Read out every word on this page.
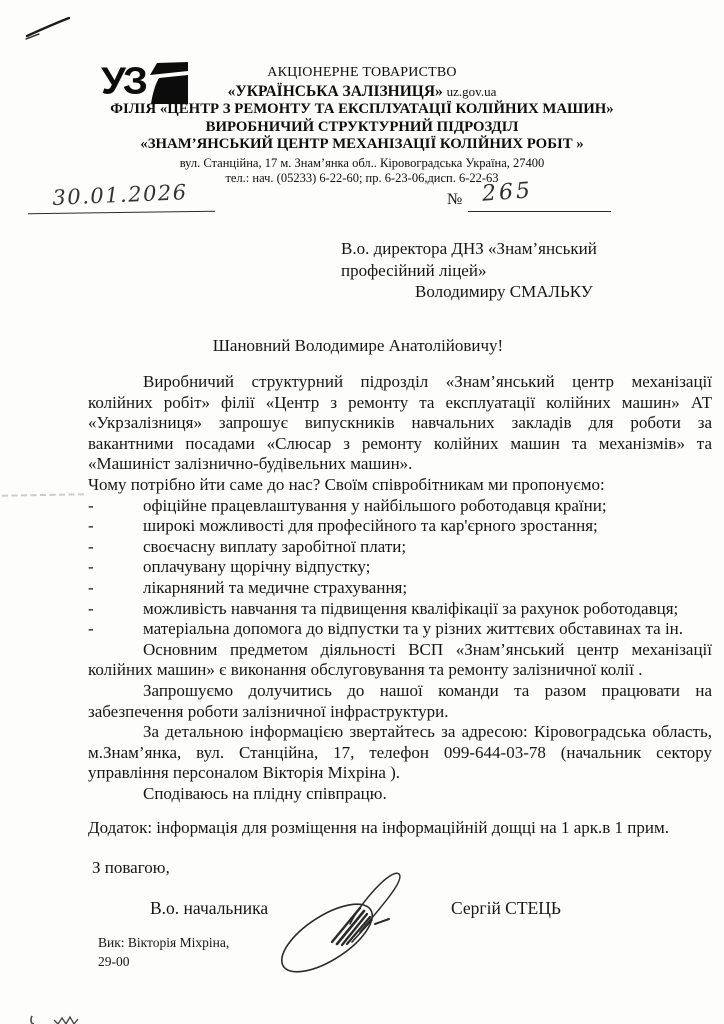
УЗ	АКЦІОНЕРНЕ ТОВАРИСТВО
«УКРАЇНСЬКА ЗАЛІЗНИЦЯ» uz.gov.ua
ФІЛІЯ «ЦЕНТР З РЕМОНТУ ТА ЕКСПЛУАТАЦІЇ КОЛІЙНИХ МАШИН»
ВИРОБНИЧИЙ СТРУКТУРНИЙ ПІДРОЗДІЛ
«ЗНАМ’ЯНСЬКИЙ ЦЕНТР МЕХАНІЗАЦІЇ КОЛІЙНИХ РОБІТ »
вул. Станційна, 17 м. Знам’янка обл.. Кіровоградська Україна, 27400
тел.: нач. (05233) 6-22-60; пр. 6-23-06,дисп. 6-22-63
30.01.2026	№ 265
В.о. директора ДНЗ «Знам’янський
професійний ліцей»
Володимиру СМАЛЬКУ
Шановний Володимире Анатолійовичу!

Виробничий структурний підрозділ «Знам’янський центр механізації колійних робіт» філії «Центр з ремонту та експлуатації колійних машин» АТ «Укрзалізниця» запрошує випускників навчальних закладів для роботи за вакантними посадами «Слюсар з ремонту колійних машин та механізмів» та «Машиніст залізнично-будівельних машин».

Чому потрібно йти саме до нас? Своїм співробітникам ми пропонуємо:

-	офіційне працевлаштування у найбільшого роботодавця країни;
-	широкі можливості для професійного та кар'єрного зростання;
-	своєчасну виплату заробітної плати;
-	оплачувану щорічну відпустку;
-	лікарняний та медичне страхування;
-	можливість навчання та підвищення кваліфікації за рахунок роботодавця;
-	матеріальна допомога до відпустки та у різних життєвих обставинах та ін.

Основним предметом діяльності ВСП «Знам’янський центр механізації колійних машин» є виконання обслуговування та ремонту залізничної колії .

Запрошуємо долучитись до нашої команди та разом працювати на забезпечення роботи залізничної інфраструктури.

За детальною інформацією звертайтесь за адресою: Кіровоградська область, м.Знам’янка, вул. Станційна, 17, телефон 099-644-03-78 (начальник сектору управління персоналом Вікторія Міхріна ).

Сподіваюсь на плідну співпрацю.

Додаток: інформація для розміщення на інформаційній дощці на 1 арк.в 1 прим.
З повагою,
В.о. начальника	Сергій СТЕЦЬ
Вик: Вікторія Міхріна,
29-00
